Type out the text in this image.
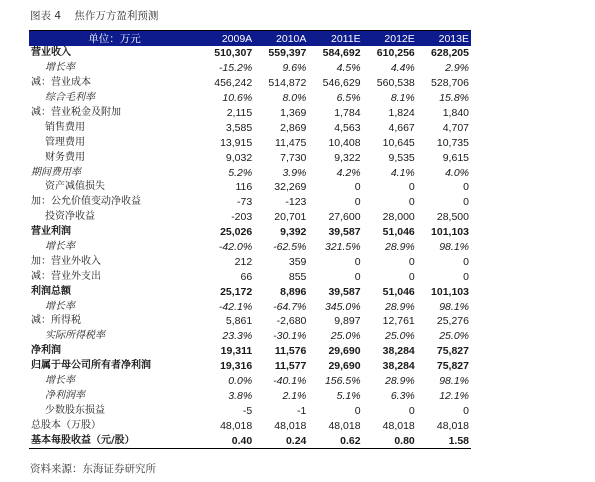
图表 4 焦作万方盈利预测
单位：万元	2009A	2010A	2011E	2012E	2013E
营业收入	510,307	559,397	584,692	610,256	628,205
增长率	-15.2%	9.6%	4.5%	4.4%	2.9%
减：营业成本	456,242	514,872	546,629	560,538	528,706
综合毛利率	10.6%	8.0%	6.5%	8.1%	15.8%
减：营业税金及附加	2,115	1,369	1,784	1,824	1,840
销售费用	3,585	2,869	4,563	4,667	4,707
管理费用	13,915	11,475	10,408	10,645	10,735
财务费用	9,032	7,730	9,322	9,535	9,615
期间费用率	5.2%	3.9%	4.2%	4.1%	4.0%
资产减值损失	116	32,269	0	0	0
加：公允价值变动净收益	-73	-123	0	0	0
投资净收益	-203	20,701	27,600	28,000	28,500
营业利润	25,026	9,392	39,587	51,046	101,103
增长率	-42.0%	-62.5%	321.5%	28.9%	98.1%
加：营业外收入	212	359	0	0	0
减：营业外支出	66	855	0	0	0
利润总额	25,172	8,896	39,587	51,046	101,103
增长率	-42.1%	-64.7%	345.0%	28.9%	98.1%
减：所得税	5,861	-2,680	9,897	12,761	25,276
实际所得税率	23.3%	-30.1%	25.0%	25.0%	25.0%
净利润	19,311	11,576	29,690	38,284	75,827
归属于母公司所有者净利润	19,316	11,577	29,690	38,284	75,827
增长率	0.0%	-40.1%	156.5%	28.9%	98.1%
净利润率	3.8%	2.1%	5.1%	6.3%	12.1%
少数股东损益	-5	-1	0	0	0
总股本（万股）	48,018	48,018	48,018	48,018	48,018
基本每股收益（元/股）	0.40	0.24	0.62	0.80	1.58
资料来源：东海证券研究所
